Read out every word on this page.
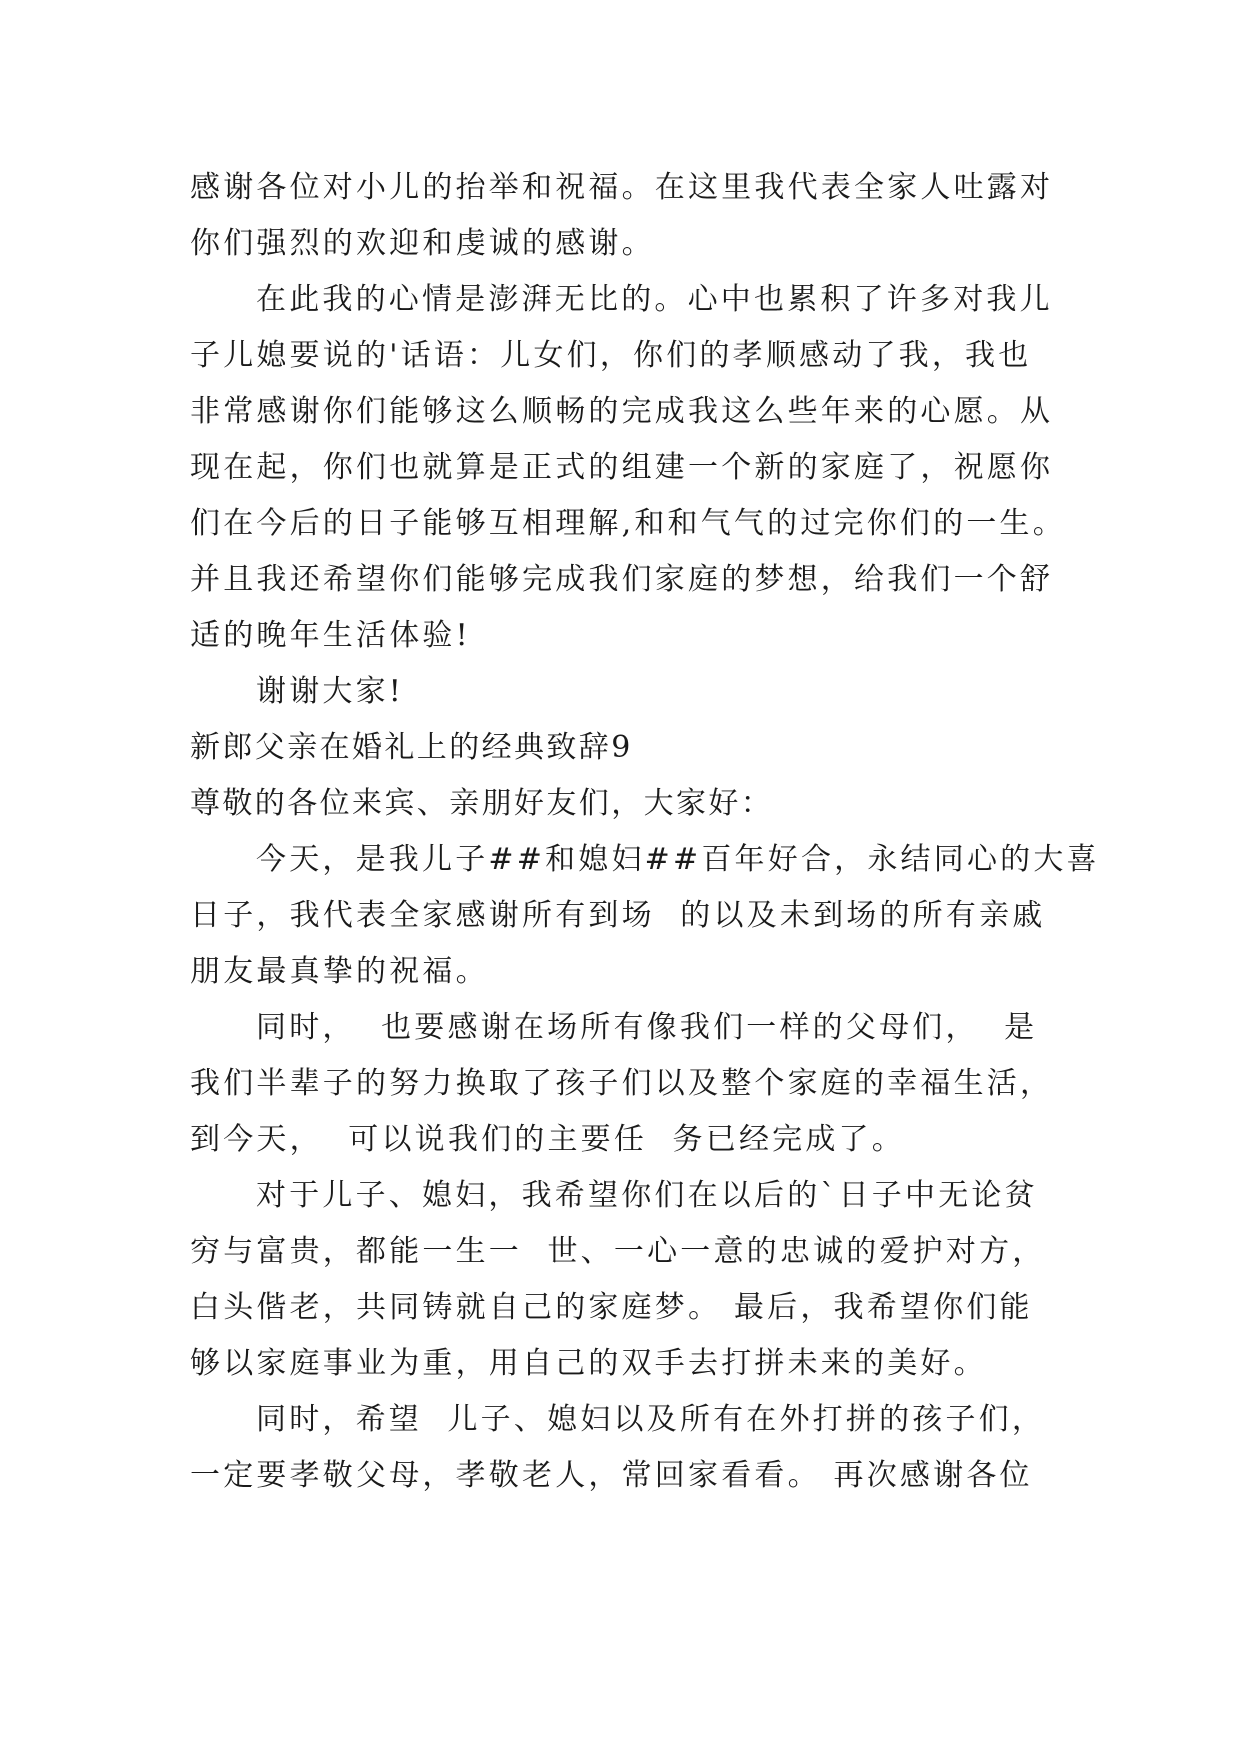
感谢各位对小儿的抬举和祝福。在这里我代表全家人吐露对
你们强烈的欢迎和虔诚的感谢。
在此我的心情是澎湃无比的。心中也累积了许多对我儿
子儿媳要说的'话语：儿女们，你们的孝顺感动了我，我也
非常感谢你们能够这么顺畅的完成我这么些年来的心愿。从
现在起，你们也就算是正式的组建一个新的家庭了，祝愿你
们在今后的日子能够互相理解,和和气气的过完你们的一生。
并且我还希望你们能够完成我们家庭的梦想，给我们一个舒
适的晚年生活体验!
谢谢大家!
新郎父亲在婚礼上的经典致辞9
尊敬的各位来宾、亲朋好友们，大家好：
今天，是我儿子##和媳妇##百年好合，永结同心的大喜
日子，我代表全家感谢所有到场  的以及未到场的所有亲戚
朋友最真挚的祝福。
同时，  也要感谢在场所有像我们一样的父母们，  是
我们半辈子的努力换取了孩子们以及整个家庭的幸福生活，
到今天，  可以说我们的主要任  务已经完成了。
对于儿子、媳妇，我希望你们在以后的`日子中无论贫
穷与富贵，都能一生一  世、一心一意的忠诚的爱护对方，
白头偕老，共同铸就自己的家庭梦。 最后，我希望你们能
够以家庭事业为重，用自己的双手去打拼未来的美好。
同时，希望  儿子、媳妇以及所有在外打拼的孩子们，
一定要孝敬父母，孝敬老人，常回家看看。 再次感谢各位
